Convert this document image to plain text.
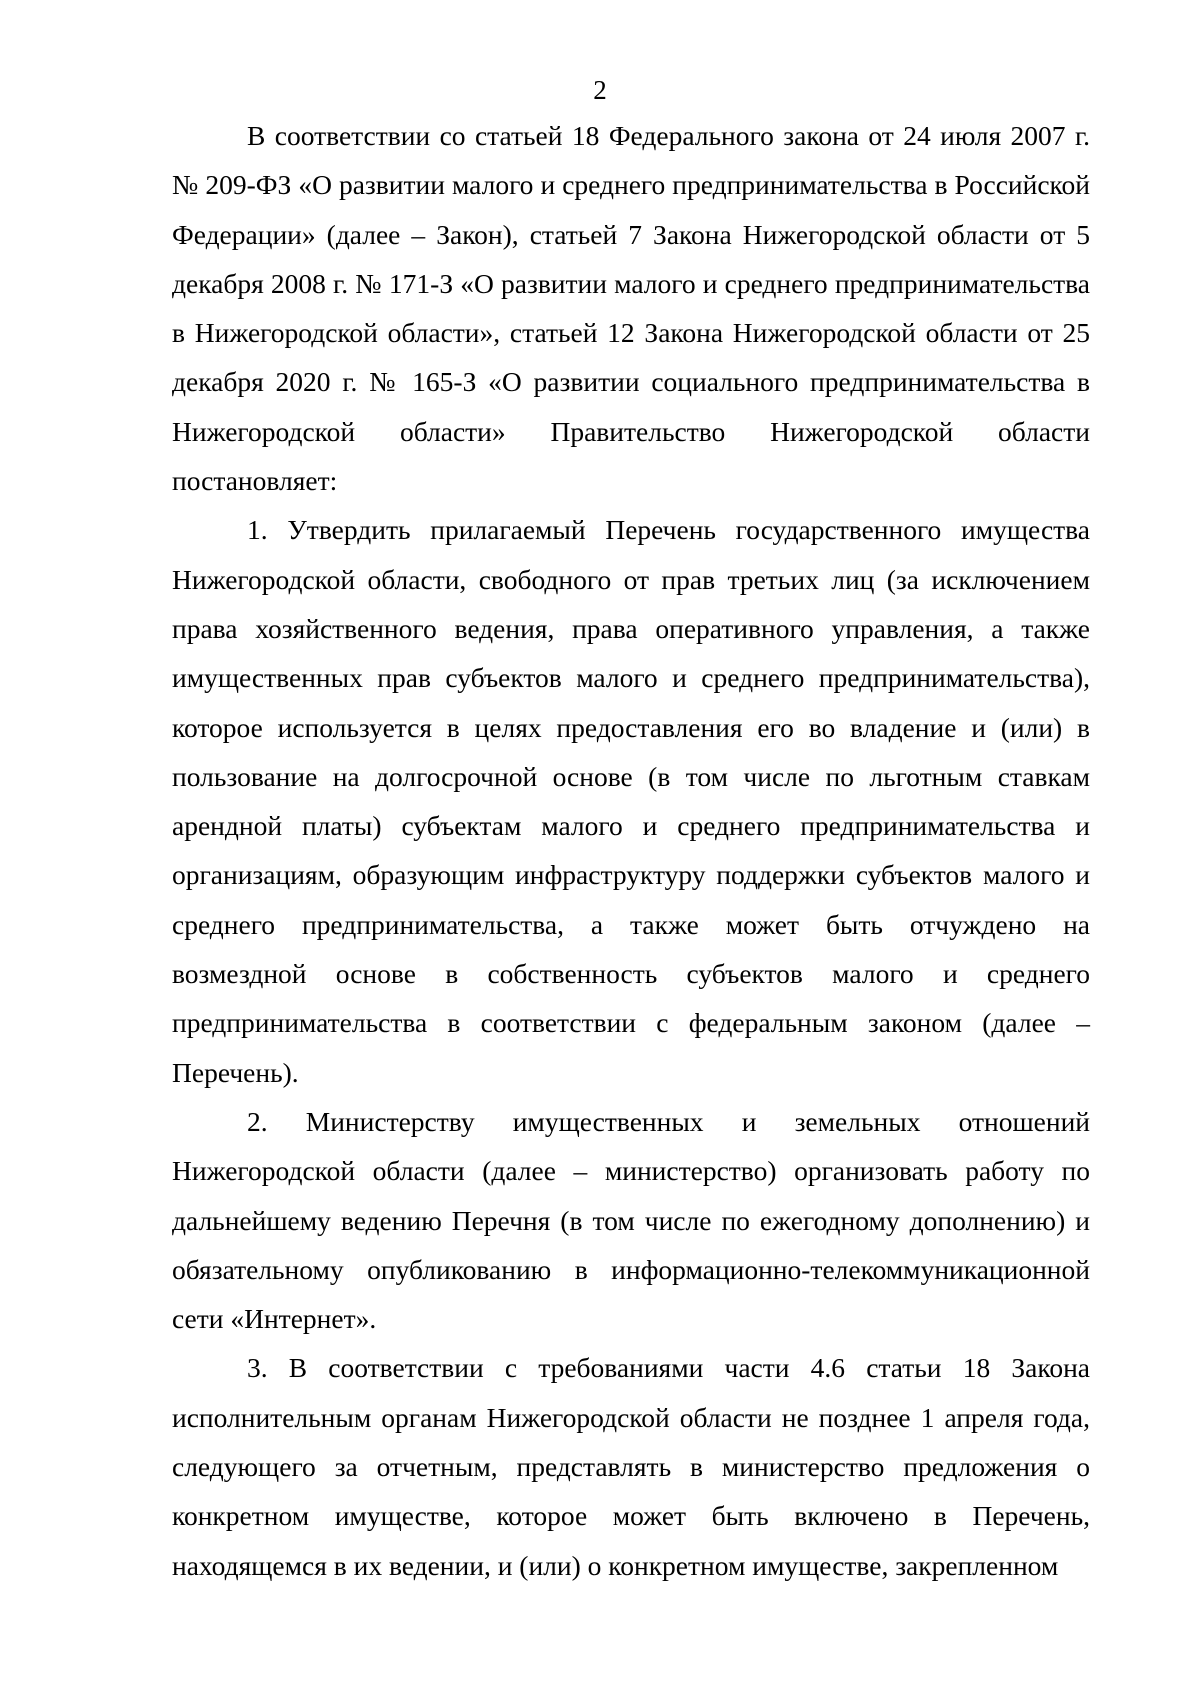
2

В соответствии со статьей 18 Федерального закона от 24 июля 2007 г. № 209-ФЗ «О развитии малого и среднего предпринимательства в Российской Федерации» (далее – Закон), статьей 7 Закона Нижегородской области от 5 декабря 2008 г. № 171-З «О развитии малого и среднего предпринимательства в Нижегородской области», статьей 12 Закона Нижегородской области от 25 декабря 2020 г. № 165-З «О развитии социального предпринимательства в Нижегородской области» Правительство Нижегородской области постановляет:

1. Утвердить прилагаемый Перечень государственного имущества Нижегородской области, свободного от прав третьих лиц (за исключением права хозяйственного ведения, права оперативного управления, а также имущественных прав субъектов малого и среднего предпринимательства), которое используется в целях предоставления его во владение и (или) в пользование на долгосрочной основе (в том числе по льготным ставкам арендной платы) субъектам малого и среднего предпринимательства и организациям, образующим инфраструктуру поддержки субъектов малого и среднего предпринимательства, а также может быть отчуждено на возмездной основе в собственность субъектов малого и среднего предпринимательства в соответствии с федеральным законом (далее – Перечень).

2. Министерству имущественных и земельных отношений Нижегородской области (далее – министерство) организовать работу по дальнейшему ведению Перечня (в том числе по ежегодному дополнению) и обязательному опубликованию в информационно-телекоммуникационной сети «Интернет».

3. В соответствии с требованиями части 4.6 статьи 18 Закона исполнительным органам Нижегородской области не позднее 1 апреля года, следующего за отчетным, представлять в министерство предложения о конкретном имуществе, которое может быть включено в Перечень, находящемся в их ведении, и (или) о конкретном имуществе, закрепленном
